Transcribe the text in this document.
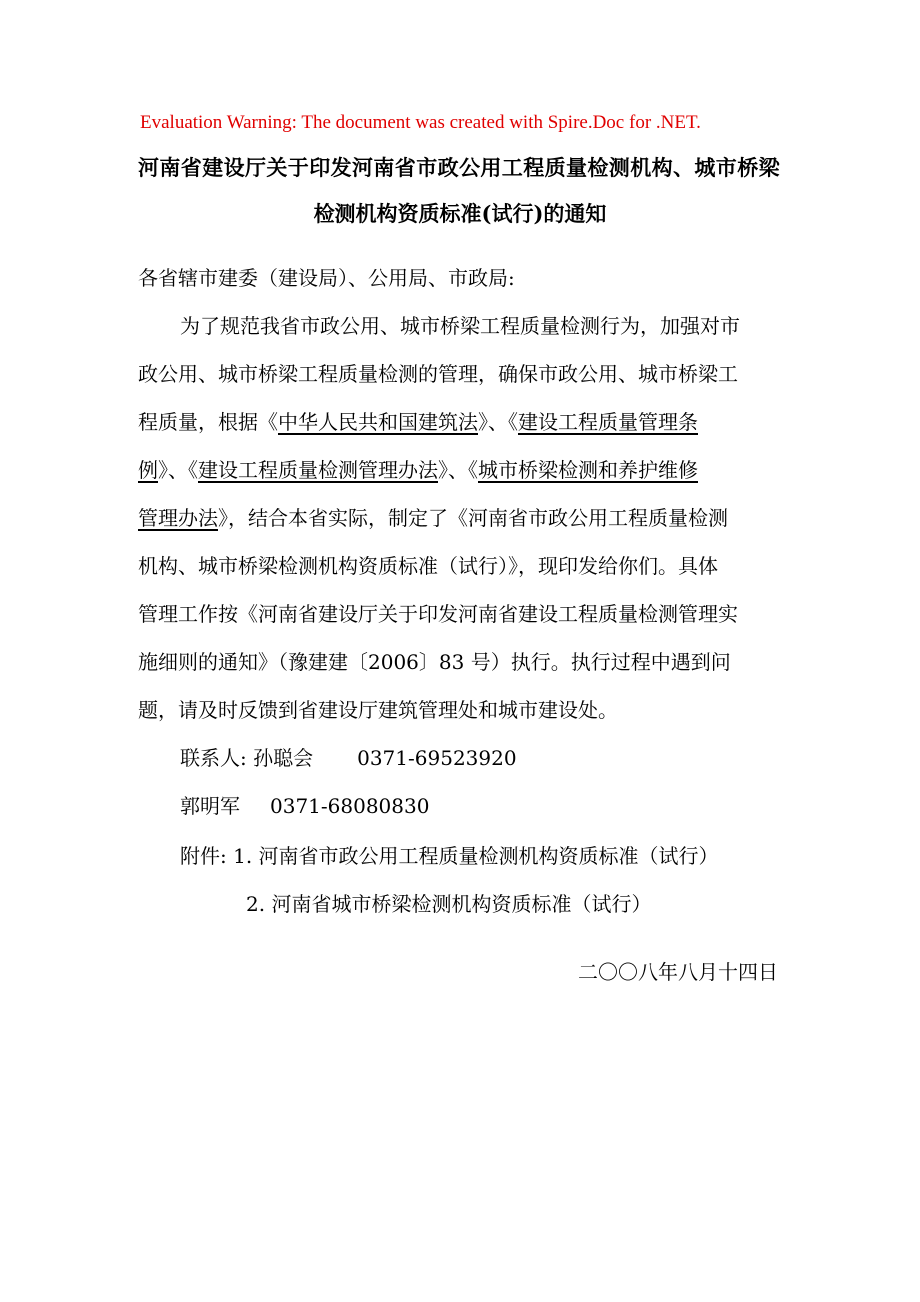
Evaluation Warning: The document was created with Spire.Doc for .NET.
河南省建设厅关于印发河南省市政公用工程质量检测机构、城市桥梁
检测机构资质标准(试行)的通知
各省辖市建委（建设局）、公用局、市政局:
为了规范我省市政公用、城市桥梁工程质量检测行为，加强对市
政公用、城市桥梁工程质量检测的管理，确保市政公用、城市桥梁工
程质量，根据《中华人民共和国建筑法》、《建设工程质量管理条
例》、《建设工程质量检测管理办法》、《城市桥梁检测和养护维修
管理办法》，结合本省实际，制定了《河南省市政公用工程质量检测
机构、城市桥梁检测机构资质标准（试行）》，现印发给你们。具体
管理工作按《河南省建设厅关于印发河南省建设工程质量检测管理实
施细则的通知》（豫建建〔2006〕83 号）执行。执行过程中遇到问
题，请及时反馈到省建设厅建筑管理处和城市建设处。
联系人: 孙聪会 0371-69523920
郭明军 0371-68080830
附件: 1. 河南省市政公用工程质量检测机构资质标准（试行）
2. 河南省城市桥梁检测机构资质标准（试行）
二〇〇八年八月十四日
